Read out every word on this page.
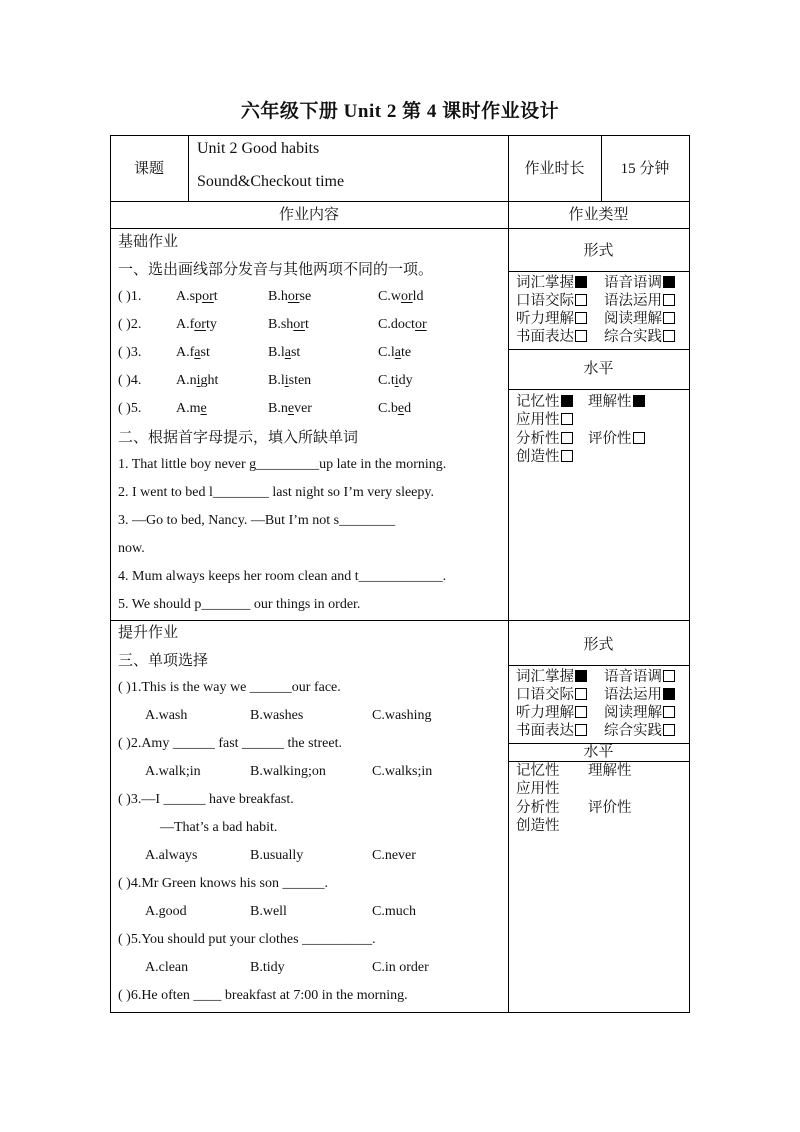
六年级下册 Unit 2 第 4 课时作业设计
课题
Unit 2 Good habits
Sound&Checkout time
作业时长	15 分钟
作业内容	作业类型
基础作业
一、选出画线部分发音与其他两项不同的一项。
( )1. A.sport	B.horse	C.world
( )2. A.forty	B.short	C.doctor
( )3. A.fast	B.last	C.late
( )4. A.night	B.listen	C.tidy
( )5. A.me	B.never	C.bed
二、根据首字母提示，填入所缺单词
1. That little boy never g_________up late in the morning.
2. I went to bed l________ last night so I’m very sleepy.
3. —Go to bed, Nancy. —But I’m not s________
now.
4. Mum always keeps her room clean and t____________.
5. We should p_______ our things in order.
提升作业
三、单项选择
( )1.This is the way we ______our face.
A.wash	B.washes	C.washing
( )2.Amy ______ fast ______ the street.
A.walk;in	B.walking;on	C.walks;in
( )3.—I ______ have breakfast.
—That’s a bad habit.
A.always	B.usually	C.never
( )4.Mr Green knows his son ______.
A.good	B.well	C.much
( )5.You should put your clothes __________.
A.clean	B.tidy	C.in order
( )6.He often ____ breakfast at 7:00 in the morning.
形式
词汇掌握	语音语调
口语交际	语法运用
听力理解	阅读理解
书面表达	综合实践
水平
记忆性	理解性
应用性
分析性	评价性
创造性
形式
词汇掌握	语音语调
口语交际	语法运用
听力理解	阅读理解
书面表达	综合实践
水平
记忆性 理解性
应用性
分析性 评价性
创造性
